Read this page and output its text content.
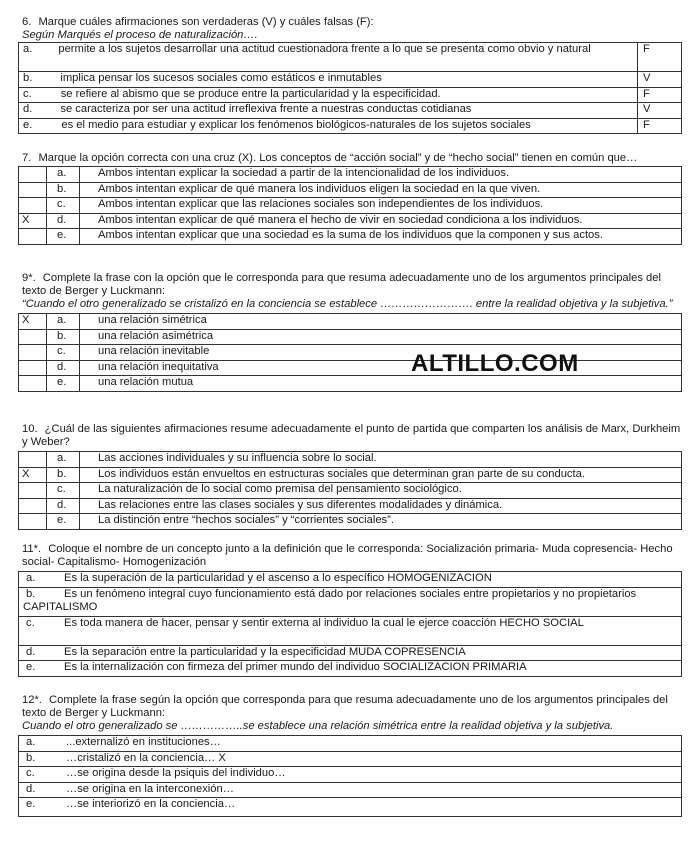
6. Marque cuáles afirmaciones son verdaderas (V) y cuáles falsas (F):

Según Marqués el proceso de naturalización….

a. permite a los sujetos desarrollar una actitud cuestionadora frente a lo que se presenta como obvio y natural	F
b. implica pensar los sucesos sociales como estáticos e inmutables	V
c. se refiere al abismo que se produce entre la particularidad y la especificidad.	F
d. se caracteriza por ser una actitud irreflexiva frente a nuestras conductas cotidianas	V
e. es el medio para estudiar y explicar los fenómenos biológicos-naturales de los sujetos sociales	F

7. Marque la opción correcta con una cruz (X). Los conceptos de “acción social” y de “hecho social” tienen en común que…

	a.	Ambos intentan explicar la sociedad a partir de la intencionalidad de los individuos.
	b.	Ambos intentan explicar de qué manera los individuos eligen la sociedad en la que viven.
	c.	Ambos intentan explicar que las relaciones sociales son independientes de los individuos.
X	d.	Ambos intentan explicar de qué manera el hecho de vivir en sociedad condiciona a los individuos.
	e.	Ambos intentan explicar que una sociedad es la suma de los individuos que la componen y sus actos.

9*. Complete la frase con la opción que le corresponda para que resuma adecuadamente uno de los argumentos principales del texto de Berger y Luckmann:

“Cuando el otro generalizado se cristalizó en la conciencia se establece ……………………. entre la realidad objetiva y la subjetiva.”

X	a.	una relación simétrica
	b.	una relación asimétrica
	c.	una relación inevitable
	d.	una relación inequitativa
	e.	una relación mutua
ALTILLO.COM

10. ¿Cuál de las siguientes afirmaciones resume adecuadamente el punto de partida que comparten los análisis de Marx, Durkheim y Weber?

	a.	Las acciones individuales y su influencia sobre lo social.
X	b.	Los individuos están envueltos en estructuras sociales que determinan gran parte de su conducta.
	c.	La naturalización de lo social como premisa del pensamiento sociológico.
	d.	Las relaciones entre las clases sociales y sus diferentes modalidades y dinámica.
	e.	La distinción entre “hechos sociales” y “corrientes sociales”.

11*. Coloque el nombre de un concepto junto a la definición que le corresponda: Socialización primaria- Muda copresencia- Hecho social- Capitalismo- Homogenización

a.	Es la superación de la particularidad y el ascenso a lo específico HOMOGENIZACION
b.	Es un fenómeno integral cuyo funcionamiento está dado por relaciones sociales entre propietarios y no propietarios CAPITALISMO
c.	Es toda manera de hacer, pensar y sentir externa al individuo la cual le ejerce coacción HECHO SOCIAL
d.	Es la separación entre la particularidad y la especificidad MUDA COPRESENCIA
e.	Es la internalización con firmeza del primer mundo del individuo SOCIALIZACION PRIMARIA

12*. Complete la frase según la opción que corresponda para que resuma adecuadamente uno de los argumentos principales del texto de Berger y Luckmann:

Cuando el otro generalizado se ……………..se establece una relación simétrica entre la realidad objetiva y la subjetiva.

a.	...externalizó en instituciones…
b.	…cristalizó en la conciencia… X
c.	…se origina desde la psiquis del individuo…
d.	…se origina en la interconexión…
e.	…se interiorizó en la conciencia…
